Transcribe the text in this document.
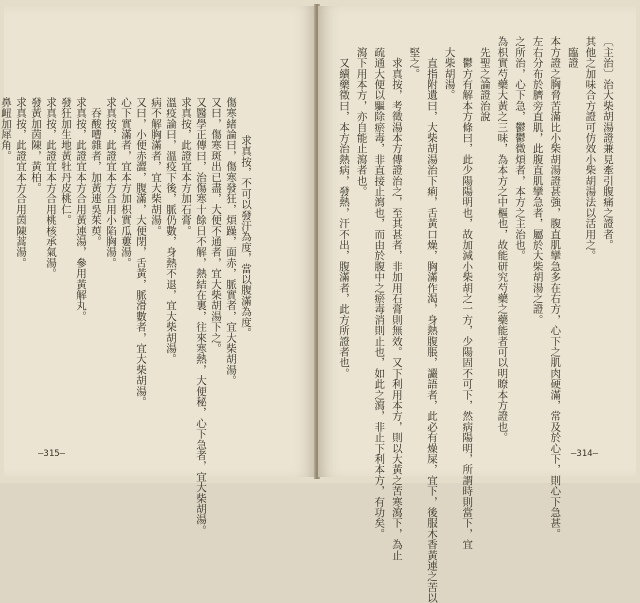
　求真按，不可以發汗為度，當以腹滿為度。
　傷寒緒論曰，傷寒發狂，煩躁，面赤，脈實者，宜大柴胡湯。
　又曰，傷寒斑出已盡，大便不通者，宜大柴胡湯下之。
　又醫學正傳曰，治傷寒十餘日不解，熱結在裏，往來寒熱，大便秘，心下急者，宜大柴胡湯。
　求真按，此證宜本方加石膏。
　溫疫論曰，溫疫下後，脈仍數，身熱不退，宜大柴胡湯。
　病不解胸滿者，宜大柴胡湯。
　又曰，小便赤澀，腹滿，大便閉，舌黃，脈滑數者，宜大柴胡湯。
　心下實滿者，宜本方加枳實瓜蔞湯。
　求真按，此證宜本方合用小陷胸湯。
　　吞酸嘈雜者，加黃連吳茱萸。
　求真按，此證宜本方合用黃連湯，參用黃解丸。
　發狂加生地黃牡丹皮桃仁。
　求真按，此證宜本方合用桃核承氣湯。
　發黃加茵陳，黃柏。
　求真按，此證宜本方合用茵陳蒿湯。
　鼻衄加犀角。
—315—
〔主治〕治大柴胡湯證兼見牽引腹痛之證者。
其他之加味合方證可仿效小柴胡湯法以活用之。
　臨證
本方證之胸脅苦滿比小柴胡湯證甚強，腹直肌攣急多在右方，心下之肌肉硬滿，常及於心下，則心下急甚。
左右分布於臍旁直肌，此腹直肌攣急者，屬於大柴胡湯之證。
之所治，心下急，鬱鬱微煩者，本方之主治也。
為枳實芍藥大黃之三味，為本方之中樞也，故能研究芍藥之藥能者可以明瞭本方證也。
　先聖之論證治說
　　鬱方有解本方條曰，此少陽陽明也，故加減小柴胡之一方，少陽固不可下，然病陽明，所謂時則當下，宜
　大柴胡湯。
　　直指附遺曰，大柴胡湯治下痢，舌黃口燥，胸滿作渴，身熱腹脹，讝語者，此必有燥屎，宜下，後服木香黃連之苦以
　堅之。
　　求真按，考徵湯本方傳證治之，至其甚者，非加用石膏則無效。又下利用本方，則以大黃之苦寒瀉下，為止
　疏通大便以驅除瘀毒，非直接止瀉也，而由於腹中之瘀毒消則止也，如此之瀉，非止下利本方，有功矣。
　瀉下用本方，亦自能止瀉者也。
　　又續藥徵曰，本方治熱病，發熱，汗不出，腹滿者，此方所證者也。
—314—
